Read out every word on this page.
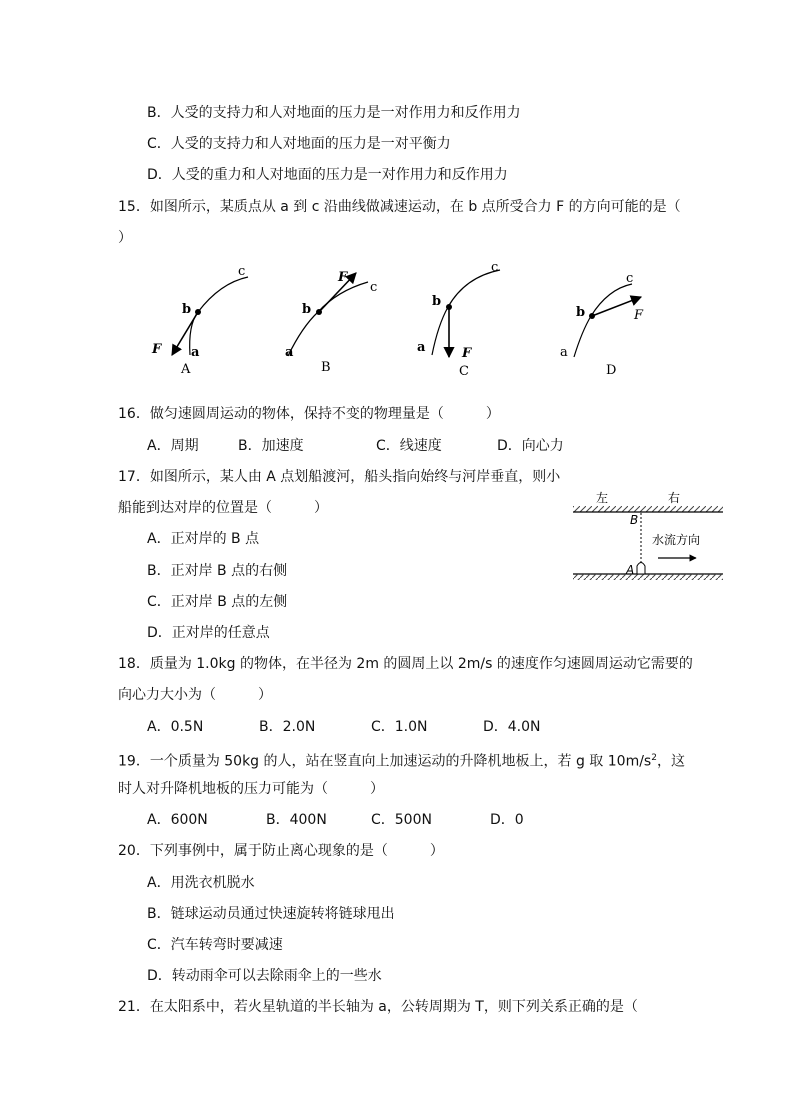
B．人受的支持力和人对地面的压力是一对作用力和反作用力
C．人受的支持力和人对地面的压力是一对平衡力
D．人受的重力和人对地面的压力是一对作用力和反作用力
15．如图所示，某质点从 a 到 c 沿曲线做减速运动，在 b 点所受合力 F 的方向可能的是（
）
c
b
a
F
A
F
c
b
a
B
c
b
a	F
C
c
b
a
F
D
16．做匀速圆周运动的物体，保持不变的物理量是（　　　）
A．周期	B．加速度	C．线速度	D．向心力
17．如图所示，某人由 A 点划船渡河，船头指向始终与河岸垂直，则小
船能到达对岸的位置是（　　　）
A．正对岸的 B 点
B．正对岸 B 点的右侧
C．正对岸 B 点的左侧
D．正对岸的任意点
左	右
B
A
水流方向
18．质量为 1.0kg 的物体，在半径为 2m 的圆周上以 2m/s 的速度作匀速圆周运动它需要的
向心力大小为（　　　）
A．0.5N	B．2.0N	C．1.0N	D．4.0N
19．一个质量为 50kg 的人，站在竖直向上加速运动的升降机地板上，若 g 取 $10m/s^2$，这
时人对升降机地板的压力可能为（　　　）
A．600N	B．400N	C．500N	D．0
20．下列事例中，属于防止离心现象的是（　　　）
A．用洗衣机脱水
B．链球运动员通过快速旋转将链球甩出
C．汽车转弯时要减速
D．转动雨伞可以去除雨伞上的一些水
21．在太阳系中，若火星轨道的半长轴为 a，公转周期为 T，则下列关系正确的是（
